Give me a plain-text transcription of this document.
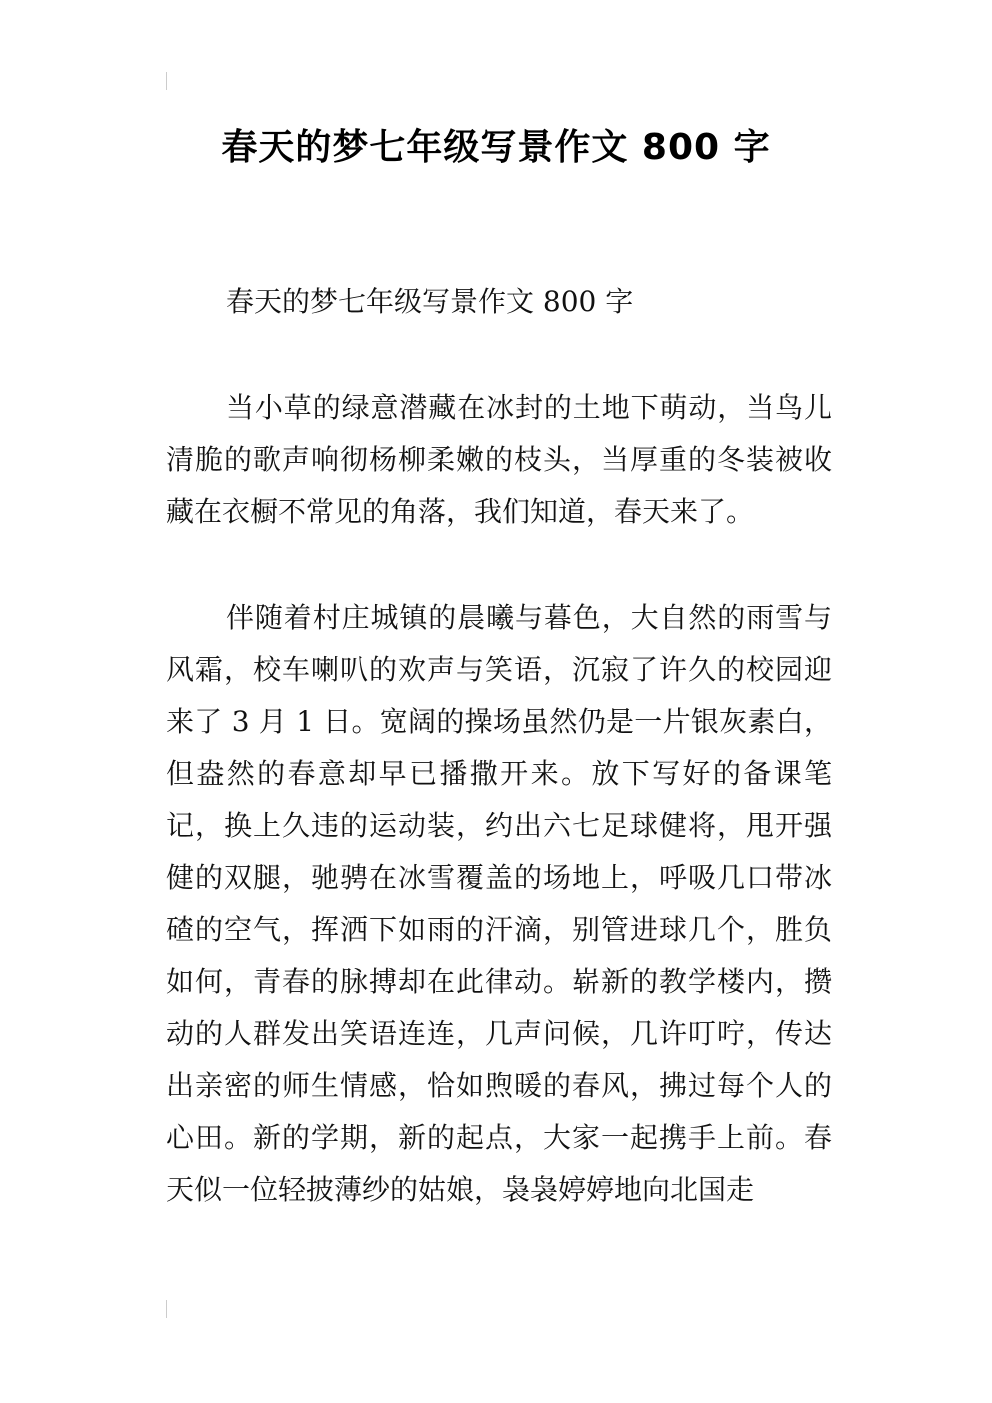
春天的梦七年级写景作文 800 字

春天的梦七年级写景作文 800 字

当小草的绿意潜藏在冰封的土地下萌动，当鸟儿清脆的歌声响彻杨柳柔嫩的枝头，当厚重的冬装被收藏在衣橱不常见的角落，我们知道，春天来了。

伴随着村庄城镇的晨曦与暮色，大自然的雨雪与风霜，校车喇叭的欢声与笑语，沉寂了许久的校园迎来了 3 月 1 日。宽阔的操场虽然仍是一片银灰素白，但盎然的春意却早已播撒开来。放下写好的备课笔记，换上久违的运动装，约出六七足球健将，甩开强健的双腿，驰骋在冰雪覆盖的场地上，呼吸几口带冰碴的空气，挥洒下如雨的汗滴，别管进球几个，胜负如何，青春的脉搏却在此律动。崭新的教学楼内，攒动的人群发出笑语连连，几声问候，几许叮咛，传达出亲密的师生情感，恰如煦暖的春风，拂过每个人的心田。新的学期，新的起点，大家一起携手上前。春天似一位轻披薄纱的姑娘，袅袅婷婷地向北国走
